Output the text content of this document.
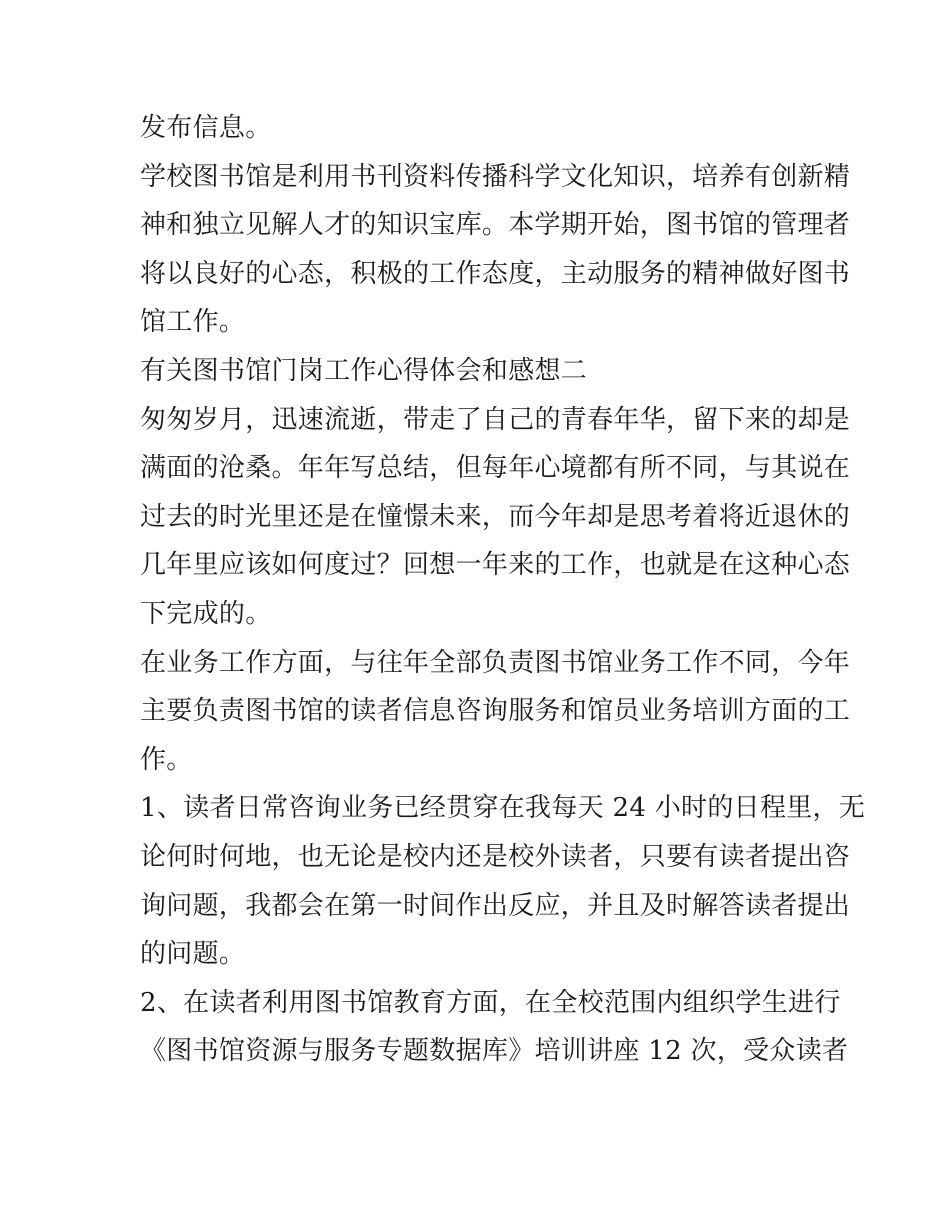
发布信息。
学校图书馆是利用书刊资料传播科学文化知识，培养有创新精
神和独立见解人才的知识宝库。本学期开始，图书馆的管理者
将以良好的心态，积极的工作态度，主动服务的精神做好图书
馆工作。
有关图书馆门岗工作心得体会和感想二
匆匆岁月，迅速流逝，带走了自己的青春年华，留下来的却是
满面的沧桑。年年写总结，但每年心境都有所不同，与其说在
过去的时光里还是在憧憬未来，而今年却是思考着将近退休的
几年里应该如何度过？回想一年来的工作，也就是在这种心态
下完成的。
在业务工作方面，与往年全部负责图书馆业务工作不同，今年
主要负责图书馆的读者信息咨询服务和馆员业务培训方面的工
作。
1、读者日常咨询业务已经贯穿在我每天 24 小时的日程里，无
论何时何地，也无论是校内还是校外读者，只要有读者提出咨
询问题，我都会在第一时间作出反应，并且及时解答读者提出
的问题。
2、在读者利用图书馆教育方面，在全校范围内组织学生进行
《图书馆资源与服务专题数据库》培训讲座 12 次，受众读者
